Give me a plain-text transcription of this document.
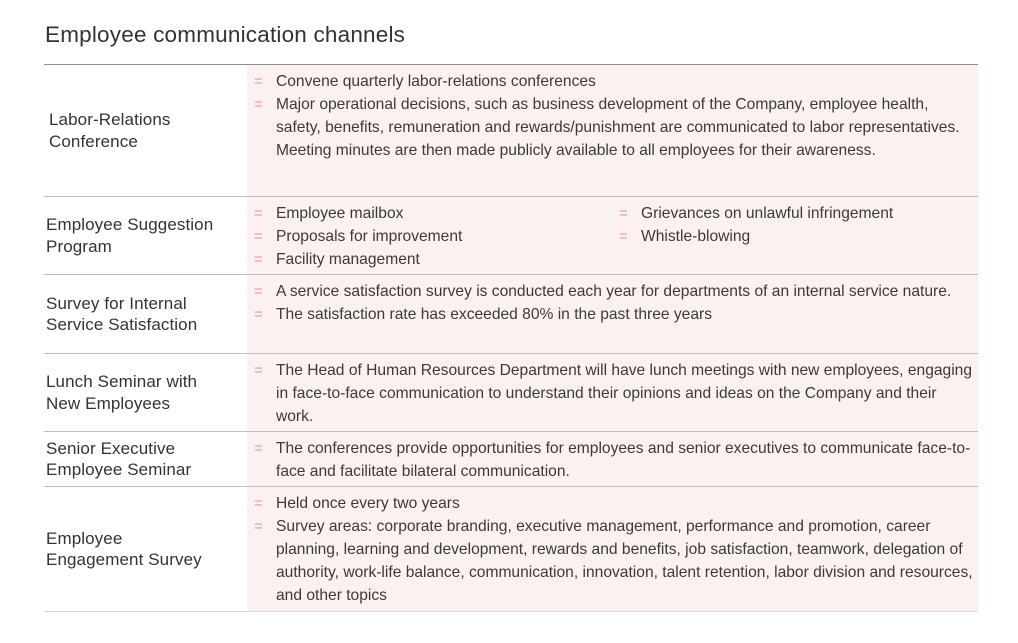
Employee communication channels
Labor-Relations
Conference
= Convene quarterly labor-relations conferences
= Major operational decisions, such as business development of the Company, employee health, safety, benefits, remuneration and rewards/punishment are communicated to labor representatives. Meeting minutes are then made publicly available to all employees for their awareness.
Employee Suggestion
Program
= Employee mailbox
= Proposals for improvement
= Facility management
= Grievances on unlawful infringement
= Whistle-blowing
Survey for Internal
Service Satisfaction
= A service satisfaction survey is conducted each year for departments of an internal service nature.
= The satisfaction rate has exceeded 80% in the past three years
Lunch Seminar with
New Employees
= The Head of Human Resources Department will have lunch meetings with new employees, engaging in face-to-face communication to understand their opinions and ideas on the Company and their work.
Senior Executive
Employee Seminar
= The conferences provide opportunities for employees and senior executives to communicate face-to- face and facilitate bilateral communication.
Employee
Engagement Survey
= Held once every two years
= Survey areas: corporate branding, executive management, performance and promotion, career    planning, learning and development, rewards and benefits, job satisfaction, teamwork, delegation of authority, work-life balance, communication, innovation, talent retention, labor division and resources, and other topics
